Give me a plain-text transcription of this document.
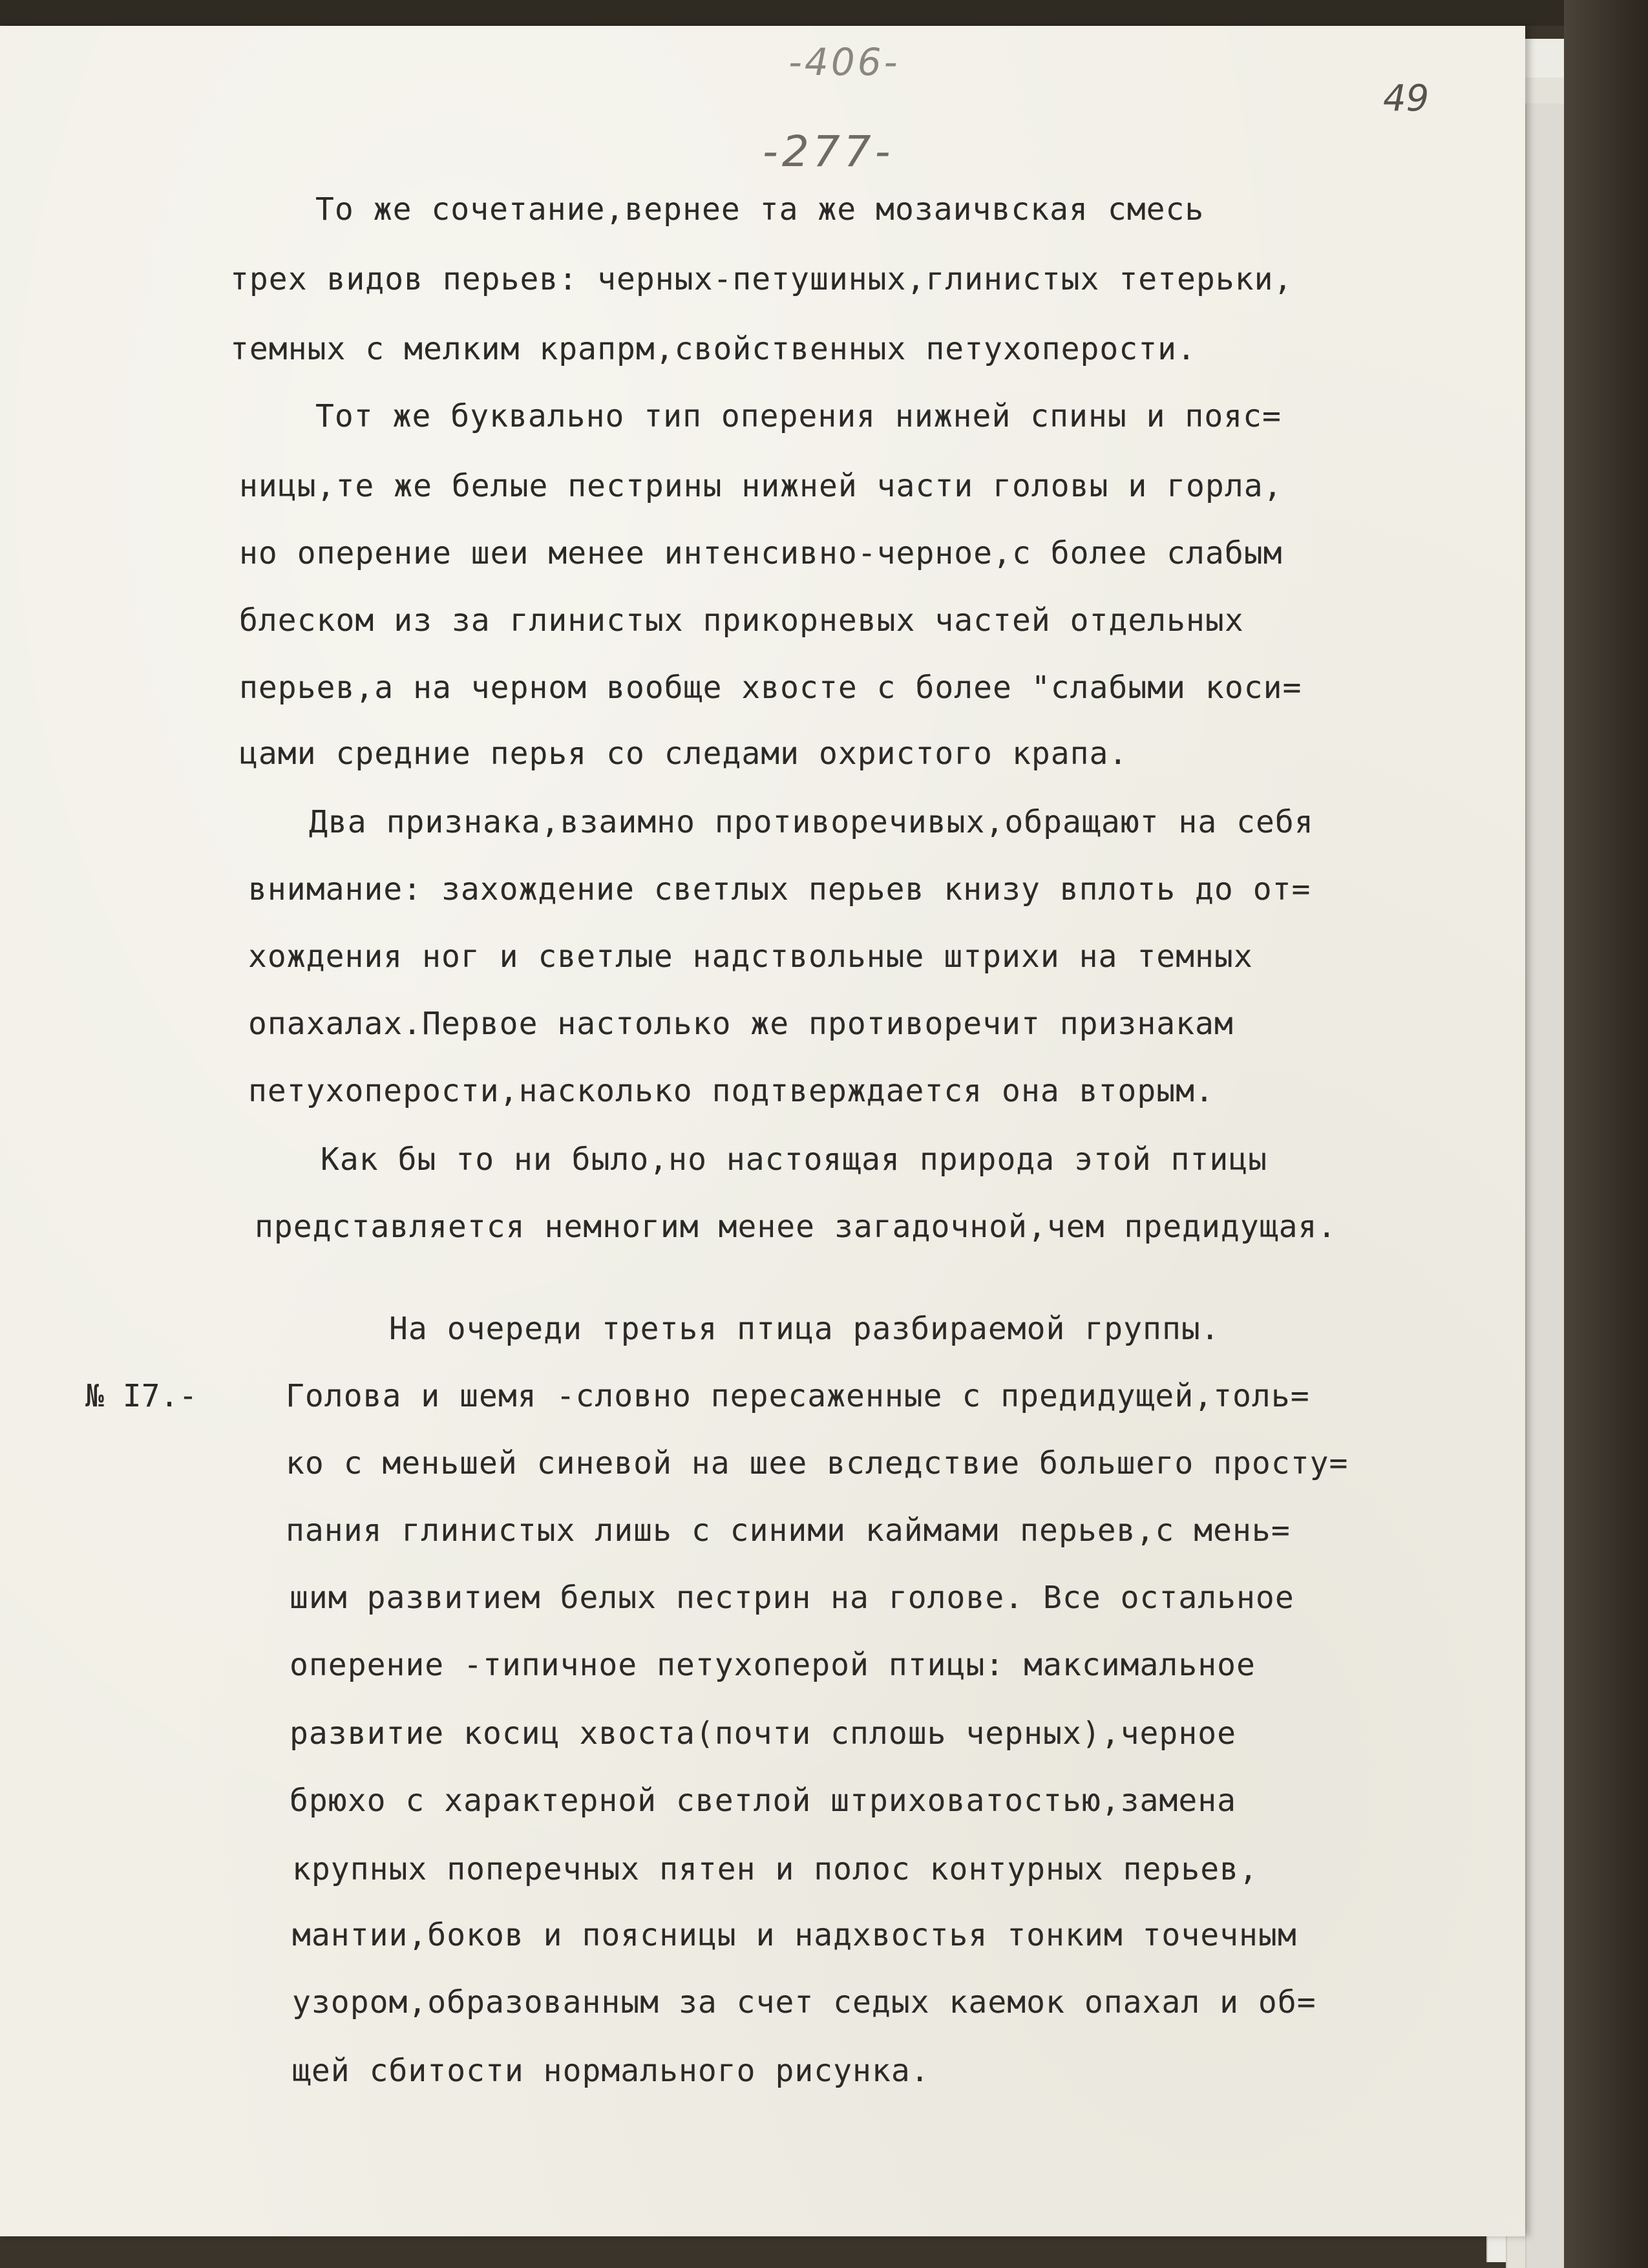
-406-
49
-277-
№ I7.-
То же сочетание,вернее та же мозаичвская смесь
трех видов перьев: черных-петушиных,глинистых тетерьки,
темных с мелким крапрм,свойственных петухоперости.
Тот же буквально тип оперения нижней спины и пояс=
ницы,те же белые пестрины нижней части головы и горла,
но оперение шеи менее интенсивно-черное,с более слабым
блеском из за глинистых прикорневых частей отдельных
перьев,а на черном вообще хвосте с более "слабыми коси=
цами средние перья со следами охристого крапа.
Два признака,взаимно противоречивых,обращают на себя
внимание: захождение светлых перьев книзу вплоть до от=
хождения ног и светлые надствольные штрихи на темных
опахалах.Первое настолько же противоречит признакам
петухоперости,насколько подтверждается она вторым.
Как бы то ни было,но настоящая природа этой птицы
представляется немногим менее загадочной,чем предидущая.
На очереди третья птица разбираемой группы.
Голова и шемя -словно пересаженные с предидущей,толь=
ко с меньшей синевой на шее вследствие большего просту=
пания глинистых лишь с синими каймами перьев,с мень=
шим развитием белых пестрин на голове. Все остальное
оперение -типичное петухоперой птицы: максимальное
развитие косиц хвоста(почти сплошь черных),черное
брюхо с характерной светлой штриховатостью,замена
крупных поперечных пятен и полос контурных перьев,
мантии,боков и поясницы и надхвостья тонким точечным
узором,образованным за счет седых каемок опахал и об=
щей сбитости нормального рисунка.
